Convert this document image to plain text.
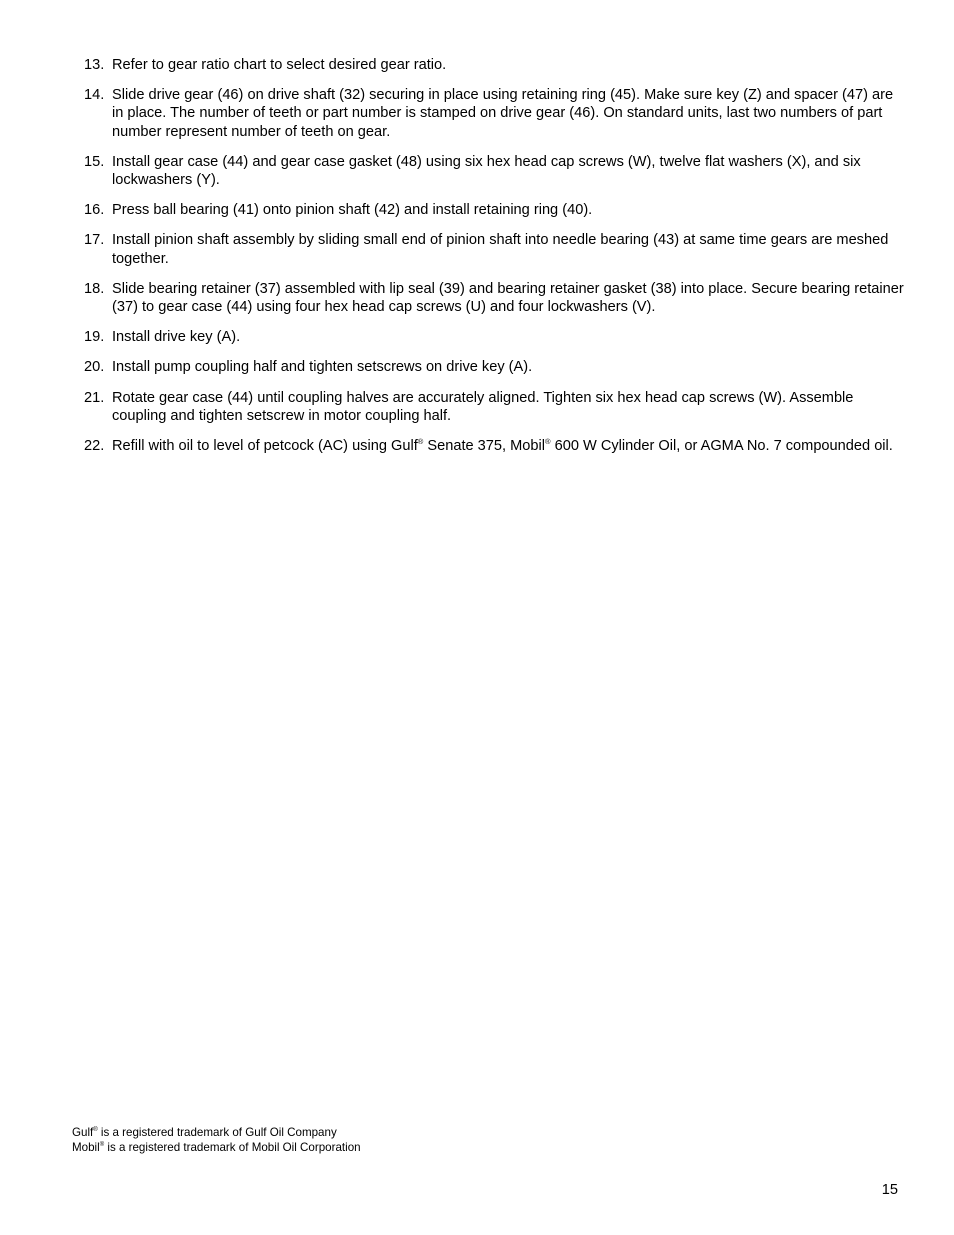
13. Refer to gear ratio chart to select desired gear ratio.
14. Slide drive gear (46) on drive shaft (32) securing in place using retaining ring (45). Make sure key (Z) and spacer (47) are in place. The number of teeth or part number is stamped on drive gear (46). On standard units, last two numbers of part number represent number of teeth on gear.
15. Install gear case (44) and gear case gasket (48) using six hex head cap screws (W), twelve flat washers (X), and six lockwashers (Y).
16. Press ball bearing (41) onto pinion shaft (42) and install retaining ring (40).
17. Install pinion shaft assembly by sliding small end of pinion shaft into needle bearing (43) at same time gears are meshed together.
18. Slide bearing retainer (37) assembled with lip seal (39) and bearing retainer gasket (38) into place. Secure bearing retainer (37) to gear case (44) using four hex head cap screws (U) and four lockwashers (V).
19. Install drive key (A).
20. Install pump coupling half and tighten setscrews on drive key (A).
21. Rotate gear case (44) until coupling halves are accurately aligned. Tighten six hex head cap screws (W). Assemble coupling and tighten setscrew in motor coupling half.
22. Refill with oil to level of petcock (AC) using Gulf® Senate 375, Mobil® 600 W Cylinder Oil, or AGMA No. 7 compounded oil.
Gulf® is a registered trademark of Gulf Oil Company
Mobil® is a registered trademark of Mobil Oil Corporation
15
